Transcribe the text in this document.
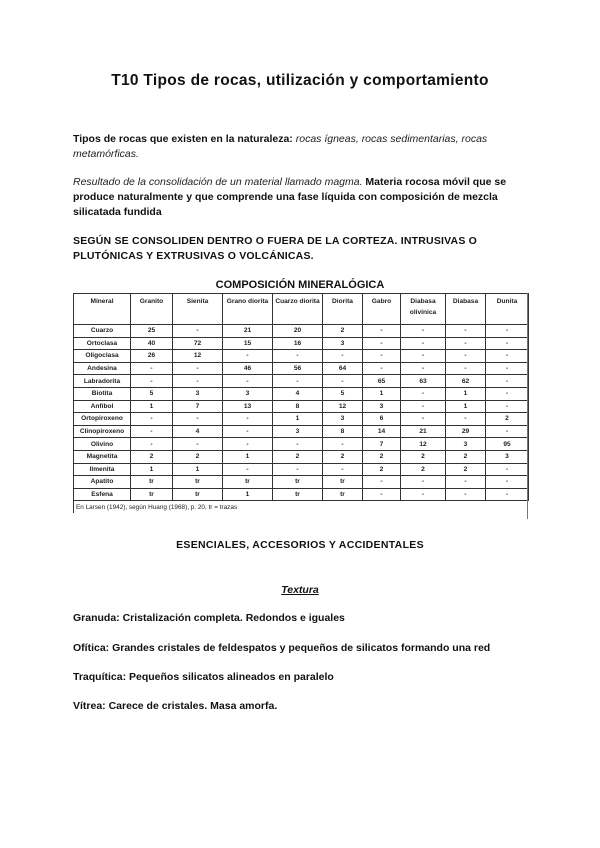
T10 Tipos de rocas, utilización y comportamiento
Tipos de rocas que existen en la naturaleza: rocas ígneas, rocas sedimentarias, rocas metamórficas.
Resultado de la consolidación de un material llamado magma. Materia rocosa móvil que se produce naturalmente y que comprende una fase líquida con composición de mezcla silicatada fundida
SEGÚN SE CONSOLIDEN DENTRO O FUERA DE LA CORTEZA. INTRUSIVAS O PLUTÓNICAS Y EXTRUSIVAS O VOLCÁNICAS.
COMPOSICIÓN MINERALÓGICA
Mineral	Granito	Sienita	Grano diorita	Cuarzo diorita	Diorita	Gabro	Diabasa olivínica	Diabasa	Dunita
Cuarzo	25	-	21	20	2	-	-	-	-
Ortoclasa	40	72	15	16	3	-	-	-	-
Oligoclasa	26	12	-	-	-	-	-	-	-
Andesina	-	-	46	56	64	-	-	-	-
Labradorita	-	-	-	-	-	65	63	62	-
Biotita	5	3	3	4	5	1	-	1	-
Anfíbol	1	7	13	8	12	3	-	1	-
Ortopiroxeno	-	-	-	1	3	6	-	-	2
Clinopiroxeno	-	4	-	3	8	14	21	29	-
Olivino	-	-	-	-	-	7	12	3	95
Magnetita	2	2	1	2	2	2	2	2	3
Ilmenita	1	1	-	-	-	2	2	2	-
Apatito	tr	tr	tr	tr	tr	-	-	-	-
Esfena	tr	tr	1	tr	tr	-	-	-	-
En Larsen (1942), según Huang (1968), p. 20, tr = trazas									
ESENCIALES, ACCESORIOS Y ACCIDENTALES
Textura
Granuda: Cristalización completa. Redondos e iguales
Ofítica: Grandes cristales de feldespatos y pequeños de silicatos formando una red
Traquítica: Pequeños silicatos alineados en paralelo
Vítrea: Carece de cristales. Masa amorfa.
